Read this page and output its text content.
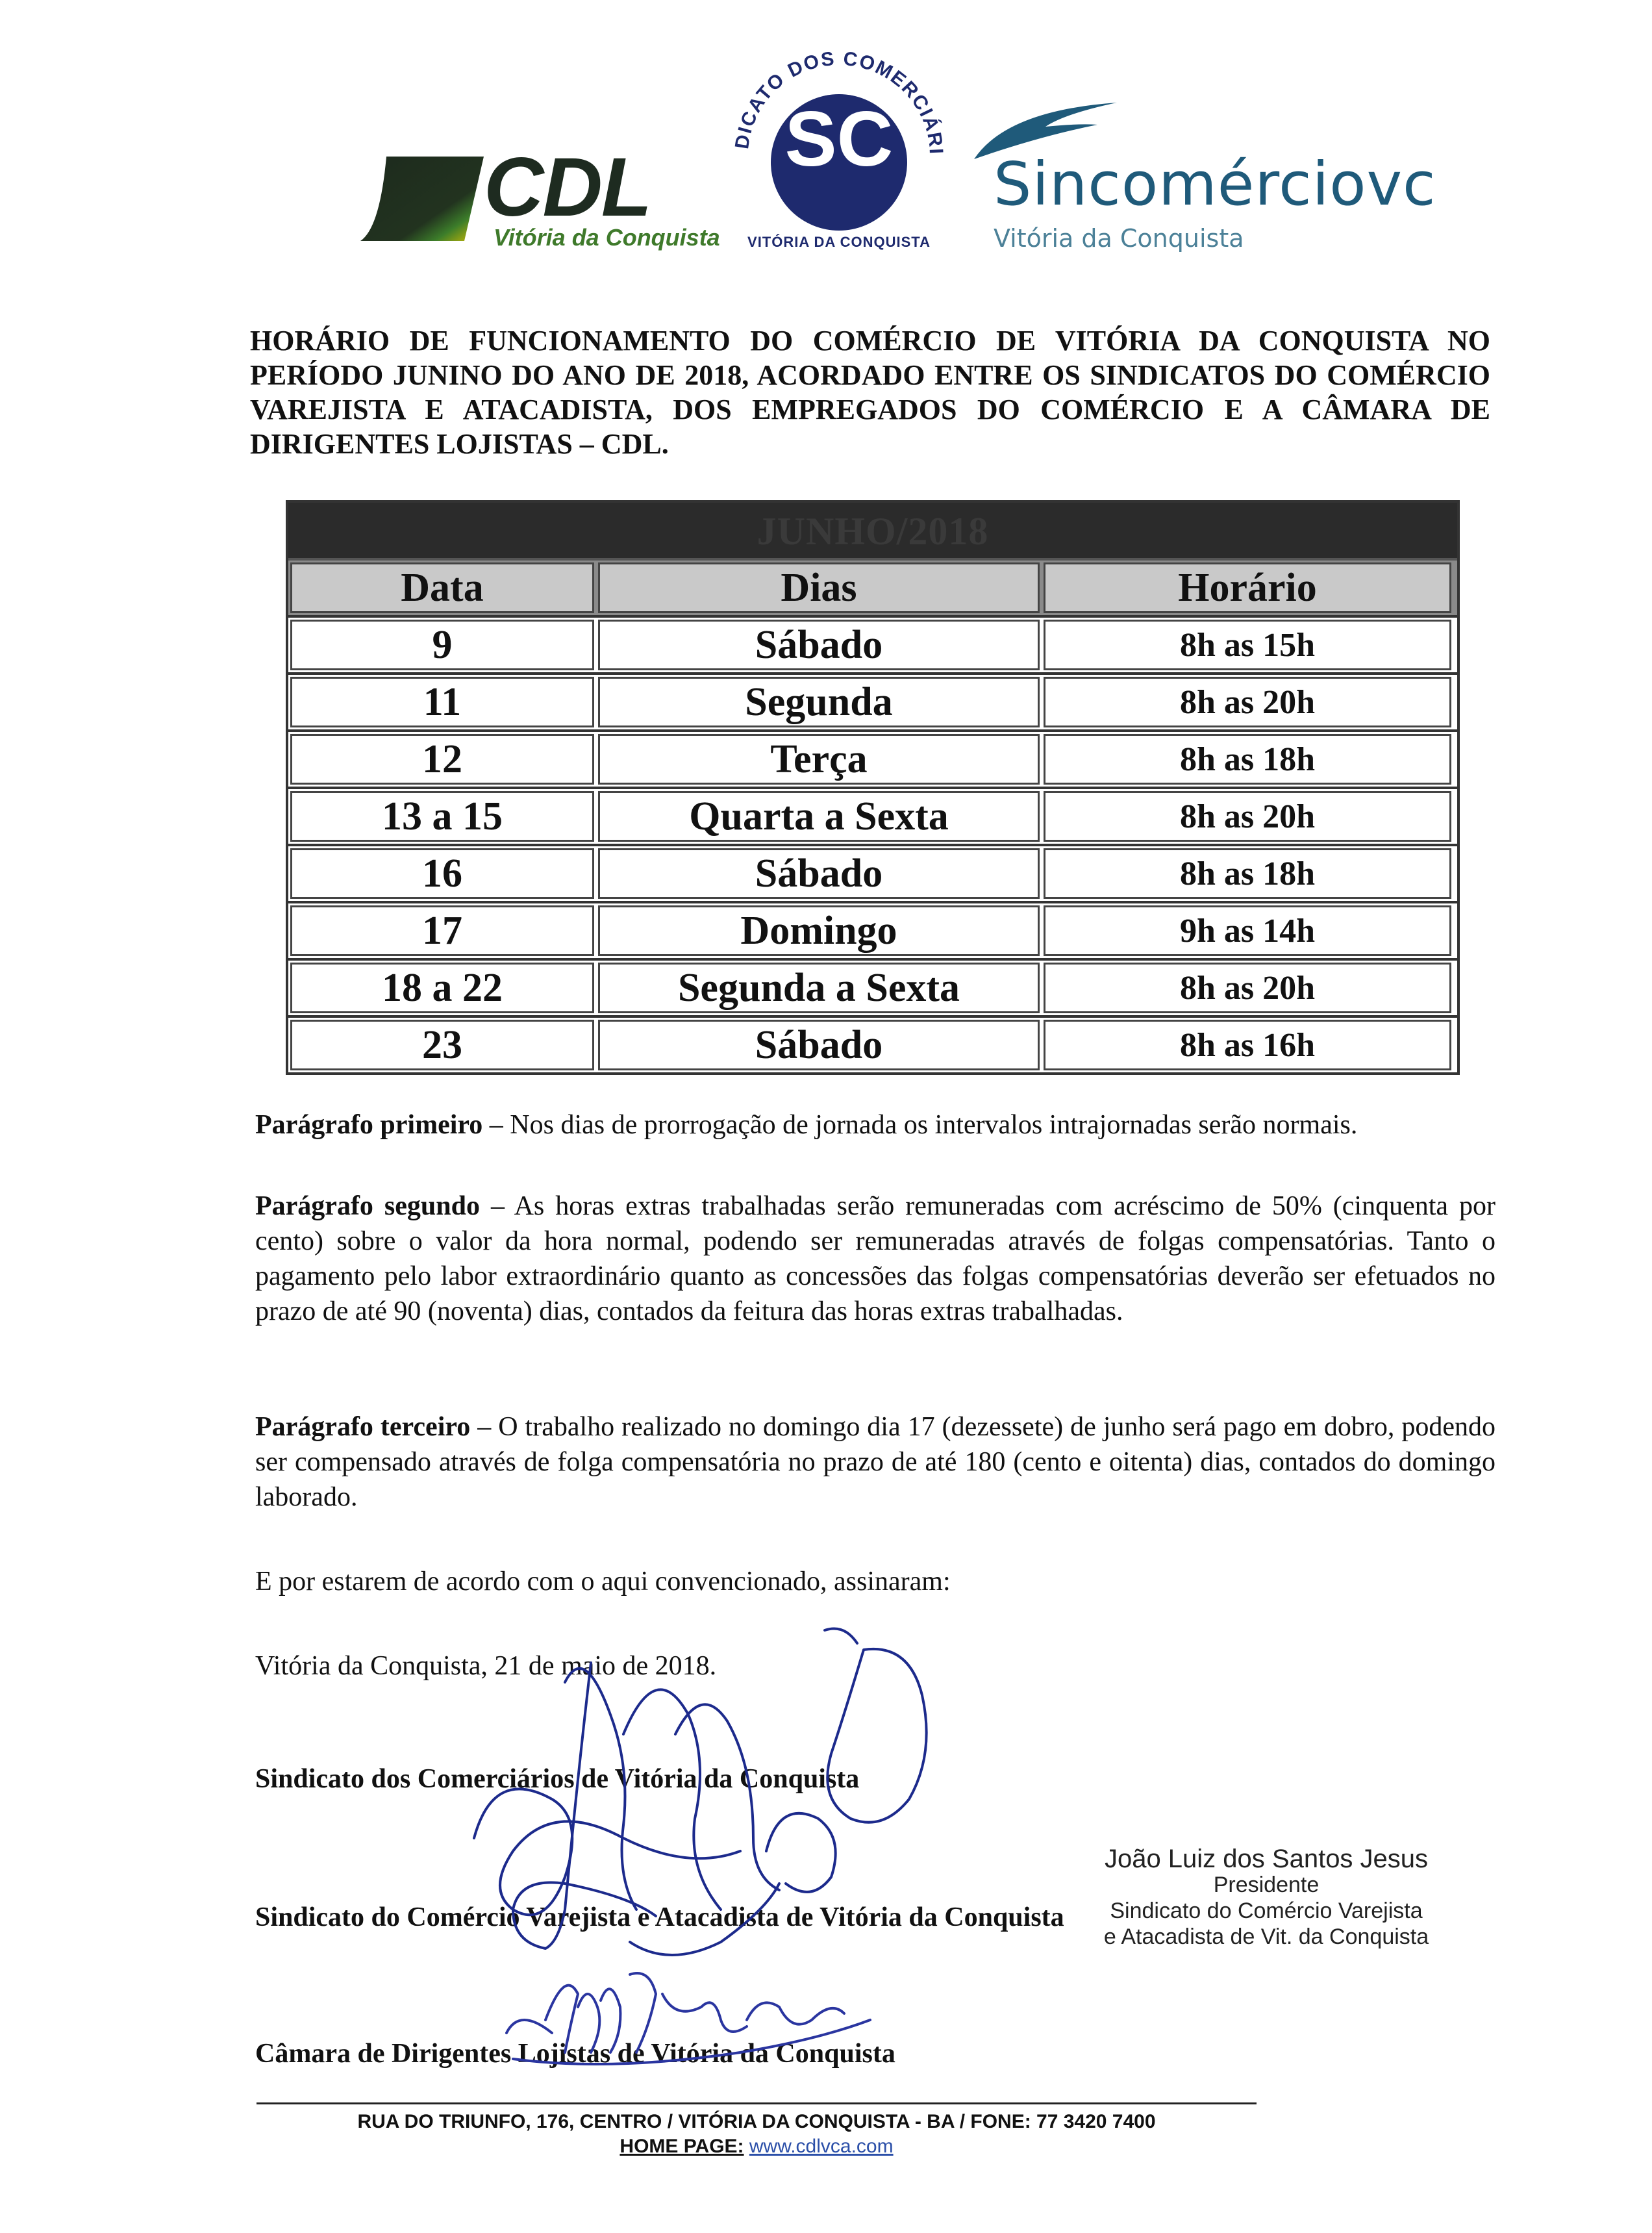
CDL
Vitória da Conquista
DICATO DOS COMERCIÁRI
SC
VITÓRIA DA CONQUISTA
Sincomérciovc
Vitória da Conquista
HORÁRIO DE FUNCIONAMENTO DO COMÉRCIO DE VITÓRIA DA CONQUISTA NO PERÍODO JUNINO DO ANO DE 2018, ACORDADO ENTRE OS SINDICATOS DO COMÉRCIO VAREJISTA E ATACADISTA, DOS EMPREGADOS DO COMÉRCIO E A CÂMARA DE DIRIGENTES LOJISTAS – CDL.
JUNHO/2018
Data	Dias	Horário
9	Sábado	8h as 15h
11	Segunda	8h as 20h
12	Terça	8h as 18h
13 a 15	Quarta a Sexta	8h as 20h
16	Sábado	8h as 18h
17	Domingo	9h as 14h
18 a 22	Segunda a Sexta	8h as 20h
23	Sábado	8h as 16h
Parágrafo primeiro – Nos dias de prorrogação de jornada os intervalos intrajornadas serão normais.
Parágrafo segundo – As horas extras trabalhadas serão remuneradas com acréscimo de 50% (cinquenta por cento) sobre o valor da hora normal, podendo ser remuneradas através de folgas compensatórias. Tanto o pagamento pelo labor extraordinário quanto as concessões das folgas compensatórias deverão ser efetuados no prazo de até 90 (noventa) dias, contados da feitura das horas extras trabalhadas.
Parágrafo terceiro – O trabalho realizado no domingo dia 17 (dezessete) de junho será pago em dobro, podendo ser compensado através de folga compensatória no prazo de até 180 (cento e oitenta) dias, contados do domingo laborado.
E por estarem de acordo com o aqui convencionado, assinaram:
Vitória da Conquista, 21 de maio de 2018.
Sindicato dos Comerciários de Vitória da Conquista
Sindicato do Comércio Varejista e Atacadista de Vitória da Conquista
Câmara de Dirigentes Lojistas de Vitória da Conquista
João Luiz dos Santos Jesus
Presidente
Sindicato do Comércio Varejista
e Atacadista de Vit. da Conquista
RUA DO TRIUNFO, 176, CENTRO / VITÓRIA DA CONQUISTA - BA / FONE: 77 3420 7400
HOME PAGE: www.cdlvca.com
